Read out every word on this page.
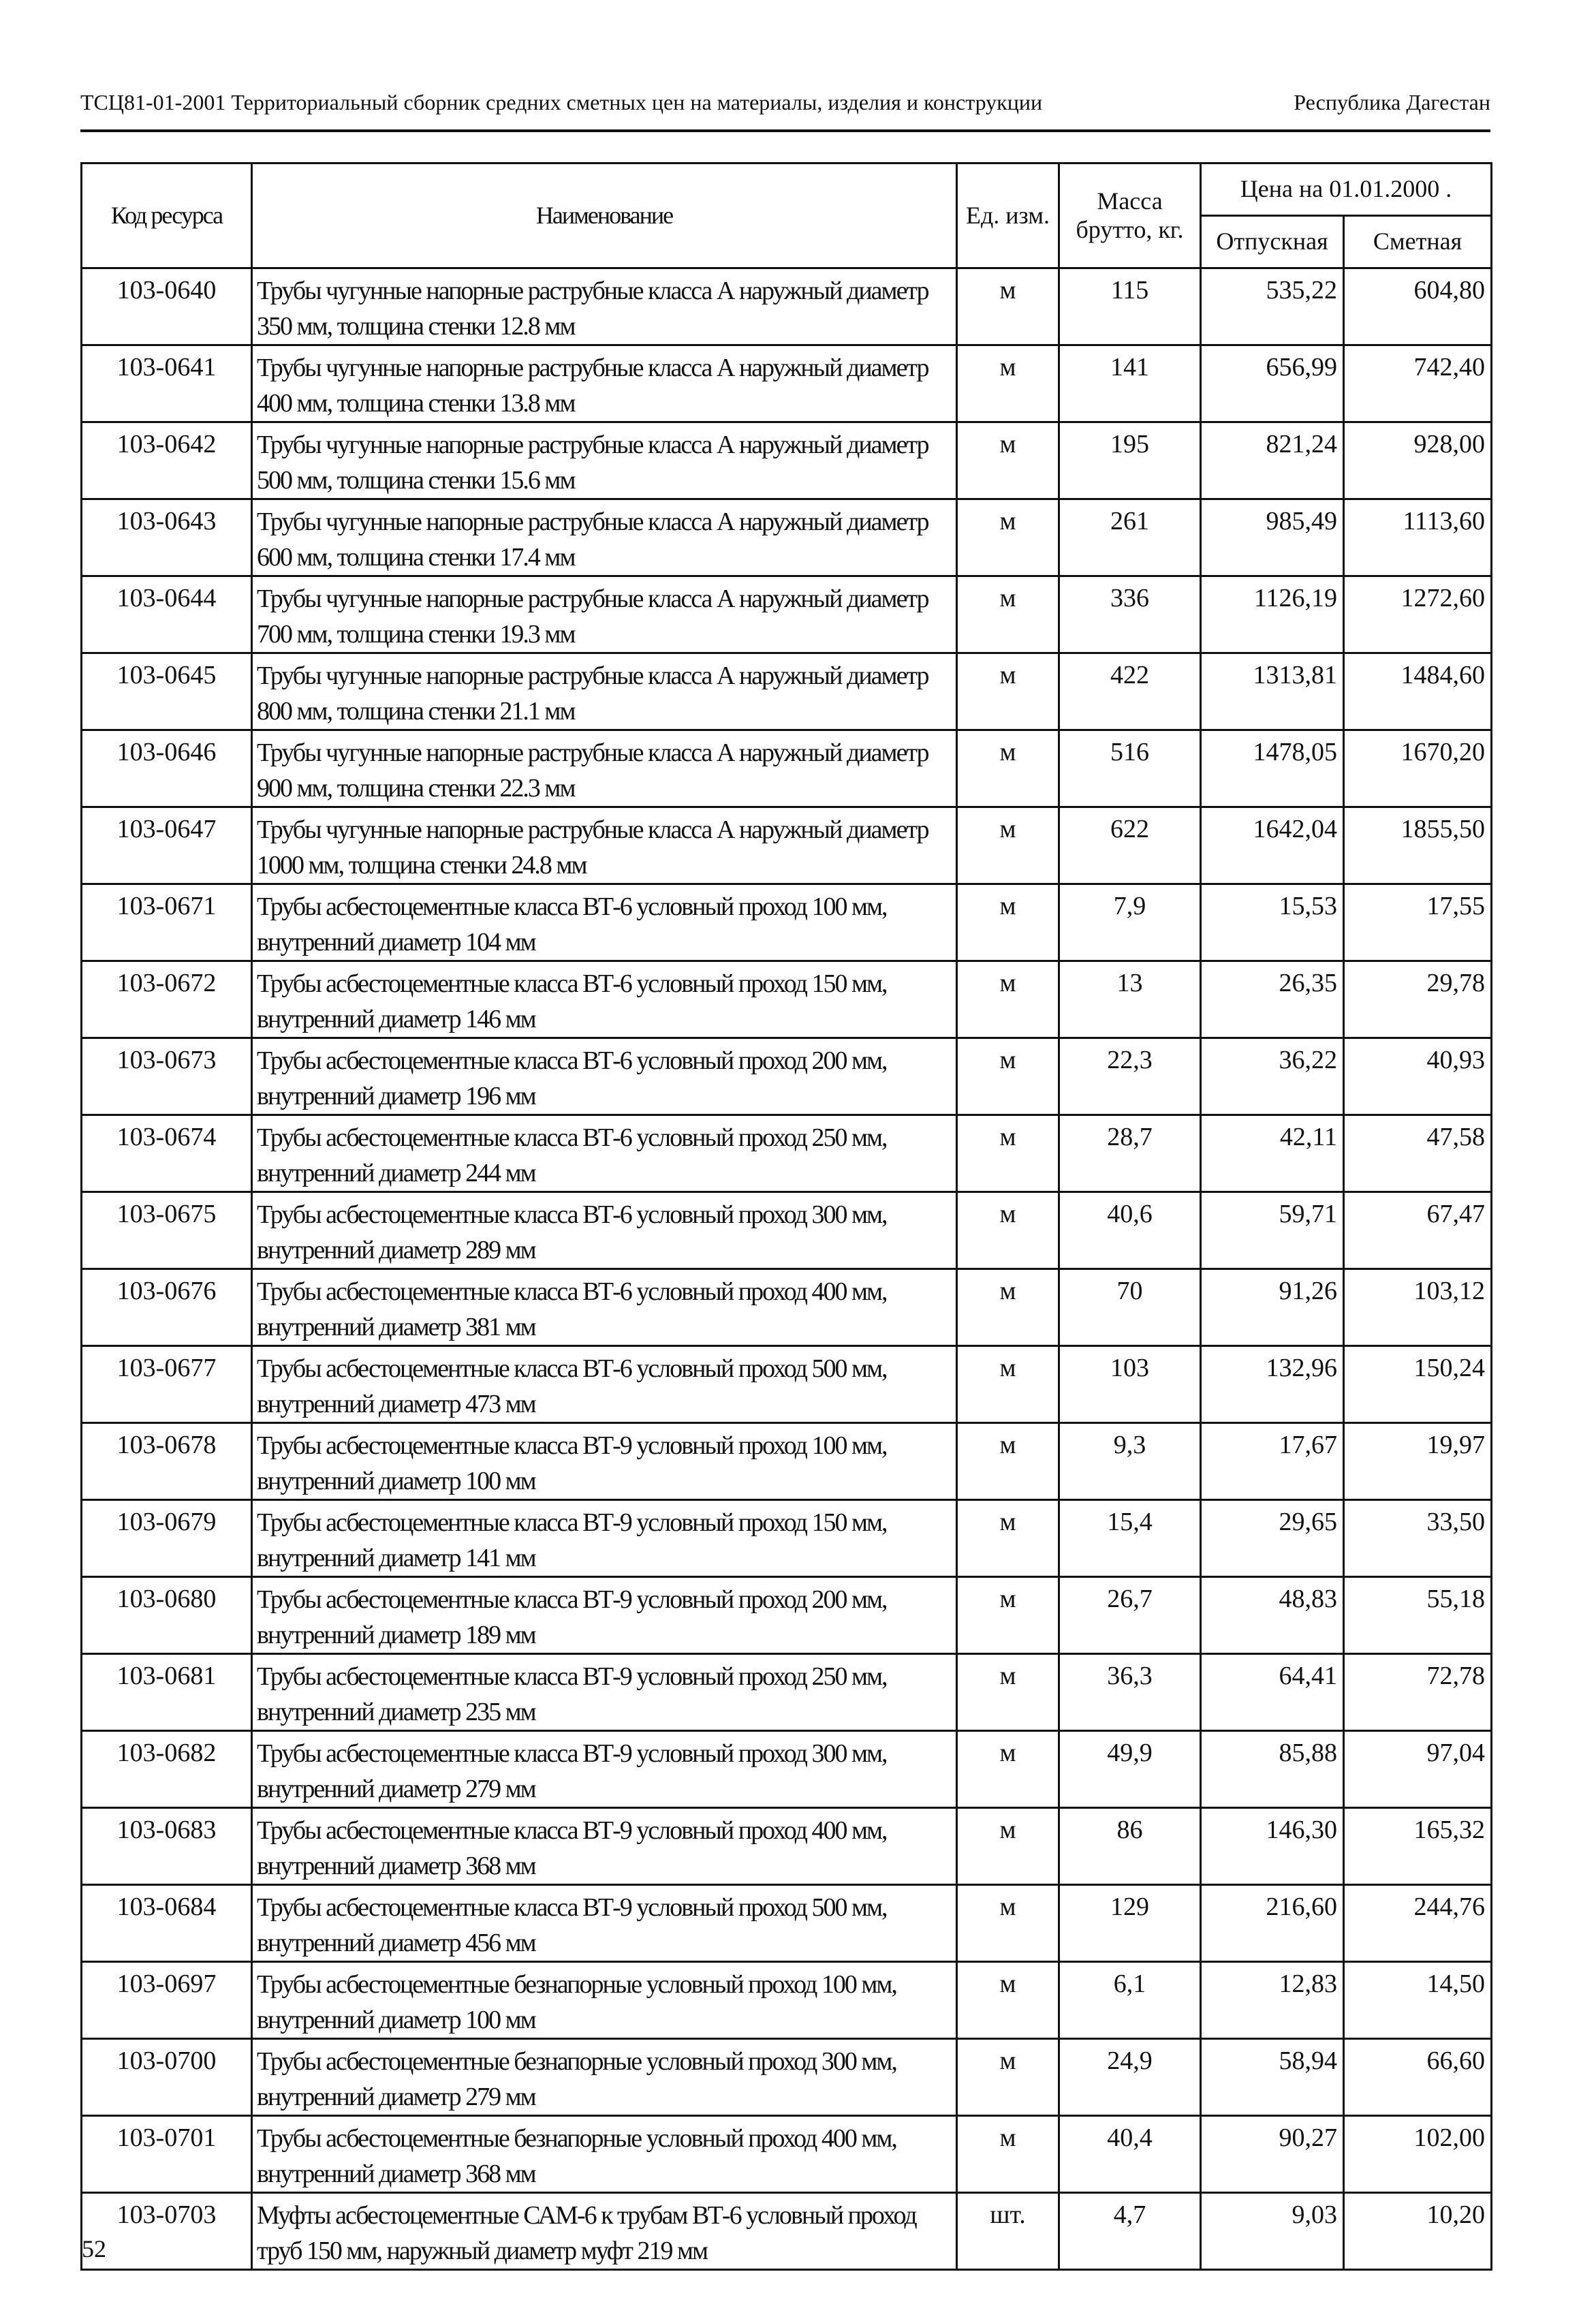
ТСЦ81-01-2001 Территориальный сборник средних сметных цен на материалы, изделия и конструкции	Республика Дагестан
Код ресурса	Наименование	Ед. изм.	Масса брутто, кг.	Цена на 01.01.2000 .	
				Отпускная	Сметная
103-0640	Трубы чугунные напорные раструбные класса А наружный диаметр 350 мм, толщина стенки 12.8 мм	м	115	535,22	604,80
103-0641	Трубы чугунные напорные раструбные класса А наружный диаметр 400 мм, толщина стенки 13.8 мм	м	141	656,99	742,40
103-0642	Трубы чугунные напорные раструбные класса А наружный диаметр 500 мм, толщина стенки 15.6 мм	м	195	821,24	928,00
103-0643	Трубы чугунные напорные раструбные класса А наружный диаметр 600 мм, толщина стенки 17.4 мм	м	261	985,49	1113,60
103-0644	Трубы чугунные напорные раструбные класса А наружный диаметр 700 мм, толщина стенки 19.3 мм	м	336	1126,19	1272,60
103-0645	Трубы чугунные напорные раструбные класса А наружный диаметр 800 мм, толщина стенки 21.1 мм	м	422	1313,81	1484,60
103-0646	Трубы чугунные напорные раструбные класса А наружный диаметр 900 мм, толщина стенки 22.3 мм	м	516	1478,05	1670,20
103-0647	Трубы чугунные напорные раструбные класса А наружный диаметр 1000 мм, толщина стенки 24.8 мм	м	622	1642,04	1855,50
103-0671	Трубы асбестоцементные класса ВТ-6 условный проход 100 мм, внутренний диаметр 104 мм	м	7,9	15,53	17,55
103-0672	Трубы асбестоцементные класса ВТ-6 условный проход 150 мм, внутренний диаметр 146 мм	м	13	26,35	29,78
103-0673	Трубы асбестоцементные класса ВТ-6 условный проход 200 мм, внутренний диаметр 196 мм	м	22,3	36,22	40,93
103-0674	Трубы асбестоцементные класса ВТ-6 условный проход 250 мм, внутренний диаметр 244 мм	м	28,7	42,11	47,58
103-0675	Трубы асбестоцементные класса ВТ-6 условный проход 300 мм, внутренний диаметр 289 мм	м	40,6	59,71	67,47
103-0676	Трубы асбестоцементные класса ВТ-6 условный проход 400 мм, внутренний диаметр 381 мм	м	70	91,26	103,12
103-0677	Трубы асбестоцементные класса ВТ-6 условный проход 500 мм, внутренний диаметр 473 мм	м	103	132,96	150,24
103-0678	Трубы асбестоцементные класса ВТ-9 условный проход 100 мм, внутренний диаметр 100 мм	м	9,3	17,67	19,97
103-0679	Трубы асбестоцементные класса ВТ-9 условный проход 150 мм, внутренний диаметр 141 мм	м	15,4	29,65	33,50
103-0680	Трубы асбестоцементные класса ВТ-9 условный проход 200 мм, внутренний диаметр 189 мм	м	26,7	48,83	55,18
103-0681	Трубы асбестоцементные класса ВТ-9 условный проход 250 мм, внутренний диаметр 235 мм	м	36,3	64,41	72,78
103-0682	Трубы асбестоцементные класса ВТ-9 условный проход 300 мм, внутренний диаметр 279 мм	м	49,9	85,88	97,04
103-0683	Трубы асбестоцементные класса ВТ-9 условный проход 400 мм, внутренний диаметр 368 мм	м	86	146,30	165,32
103-0684	Трубы асбестоцементные класса ВТ-9 условный проход 500 мм, внутренний диаметр 456 мм	м	129	216,60	244,76
103-0697	Трубы асбестоцементные безнапорные условный проход 100 мм, внутренний диаметр 100 мм	м	6,1	12,83	14,50
103-0700	Трубы асбестоцементные безнапорные условный проход 300 мм, внутренний диаметр 279 мм	м	24,9	58,94	66,60
103-0701	Трубы асбестоцементные безнапорные условный проход 400 мм, внутренний диаметр 368 мм	м	40,4	90,27	102,00
103-0703	Муфты асбестоцементные САМ-6 к трубам ВТ-6 условный проход труб 150 мм, наружный диаметр муфт 219 мм	шт.	4,7	9,03	10,20
52
